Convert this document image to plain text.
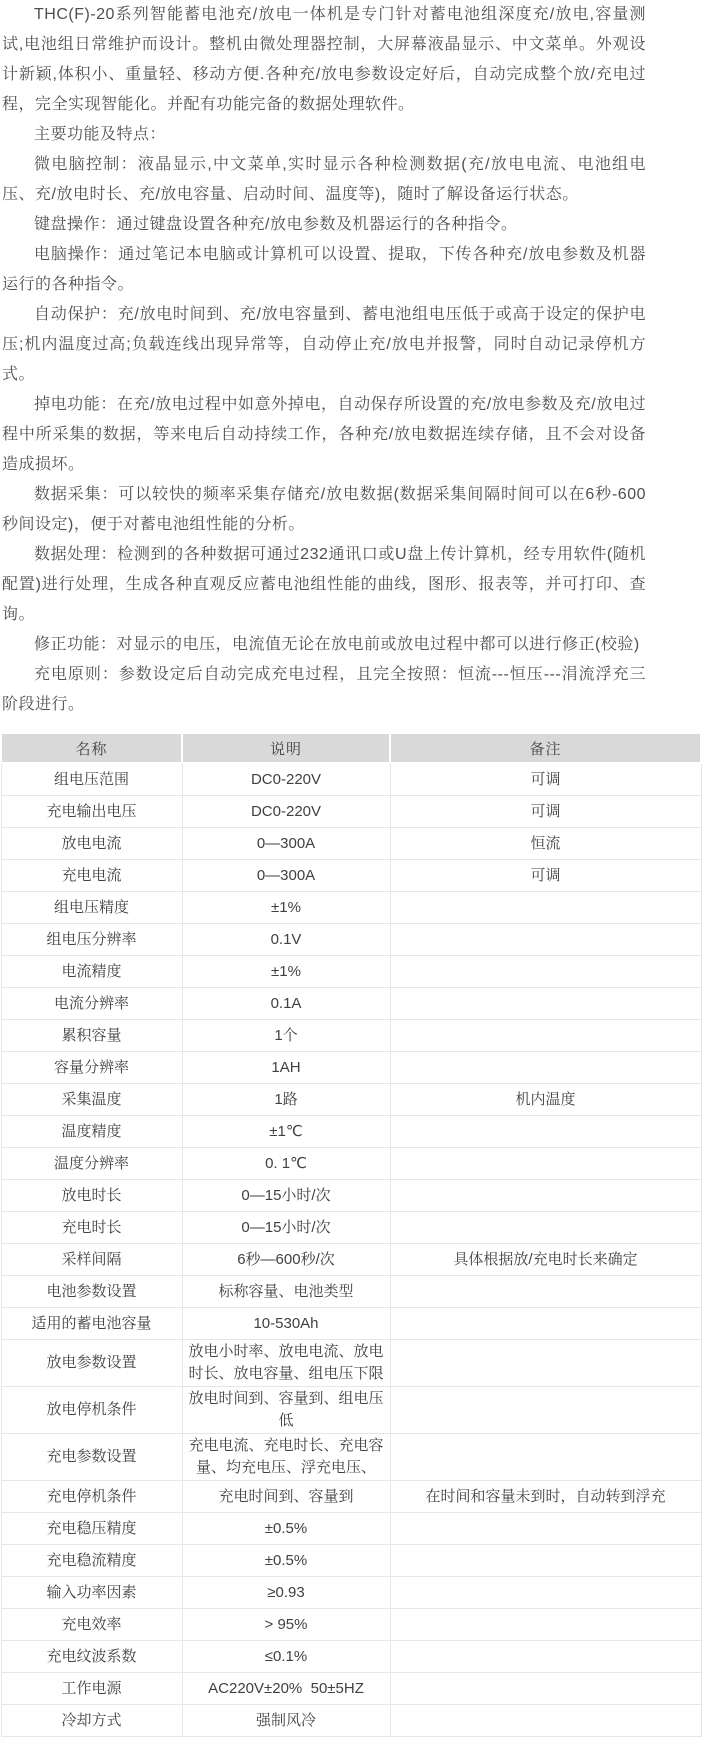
THC(F)-20系列智能蓄电池充/放电一体机是专门针对蓄电池组深度充/放电,容量测试,电池组日常维护而设计。整机由微处理器控制，大屏幕液晶显示、中文菜单。外观设计新颖,体积小、重量轻、移动方便.各种充/放电参数设定好后，自动完成整个放/充电过程，完全实现智能化。并配有功能完备的数据处理软件。

主要功能及特点：

微电脑控制：液晶显示,中文菜单,实时显示各种检测数据(充/放电电流、电池组电压、充/放电时长、充/放电容量、启动时间、温度等)，随时了解设备运行状态。

键盘操作：通过键盘设置各种充/放电参数及机器运行的各种指令。

电脑操作：通过笔记本电脑或计算机可以设置、提取，下传各种充/放电参数及机器运行的各种指令。

自动保护：充/放电时间到、充/放电容量到、蓄电池组电压低于或高于设定的保护电压;机内温度过高;负载连线出现异常等，自动停止充/放电并报警，同时自动记录停机方式。

掉电功能：在充/放电过程中如意外掉电，自动保存所设置的充/放电参数及充/放电过程中所采集的数据，等来电后自动持续工作，各种充/放电数据连续存储，且不会对设备造成损坏。

数据采集：可以较快的频率采集存储充/放电数据(数据采集间隔时间可以在6秒-600秒间设定)，便于对蓄电池组性能的分析。

数据处理：检测到的各种数据可通过232通讯口或U盘上传计算机，经专用软件(随机配置)进行处理，生成各种直观反应蓄电池组性能的曲线，图形、报表等，并可打印、查询。

修正功能：对显示的电压，电流值无论在放电前或放电过程中都可以进行修正(校验)

充电原则：参数设定后自动完成充电过程，且完全按照：恒流---恒压---涓流浮充三阶段进行。

名称	说明	备注
组电压范围	DC0-220V	可调
充电输出电压	DC0-220V	可调
放电电流	0—300A	恒流
充电电流	0—300A	可调
组电压精度	±1%	
组电压分辨率	0.1V	
电流精度	±1%	
电流分辨率	0.1A	
累积容量	1个	
容量分辨率	1AH	
采集温度	1路	机内温度
温度精度	±1℃	
温度分辨率	0. 1℃	
放电时长	0—15小时/次	
充电时长	0—15小时/次	
采样间隔	6秒—600秒/次	具体根据放/充电时长来确定
电池参数设置	标称容量、电池类型	
适用的蓄电池容量	10-530Ah	
放电参数设置	放电小时率、放电电流、放电时长、放电容量、组电压下限	
放电停机条件	放电时间到、容量到、组电压低	
充电参数设置	充电电流、充电时长、充电容量、均充电压、浮充电压、	
充电停机条件	充电时间到、容量到	在时间和容量未到时，自动转到浮充
充电稳压精度	±0.5%	
充电稳流精度	±0.5%	
输入功率因素	≥0.93	
充电效率	> 95%	
充电纹波系数	≤0.1%	
工作电源	AC220V±20%  50±5HZ	
冷却方式	强制风冷	
